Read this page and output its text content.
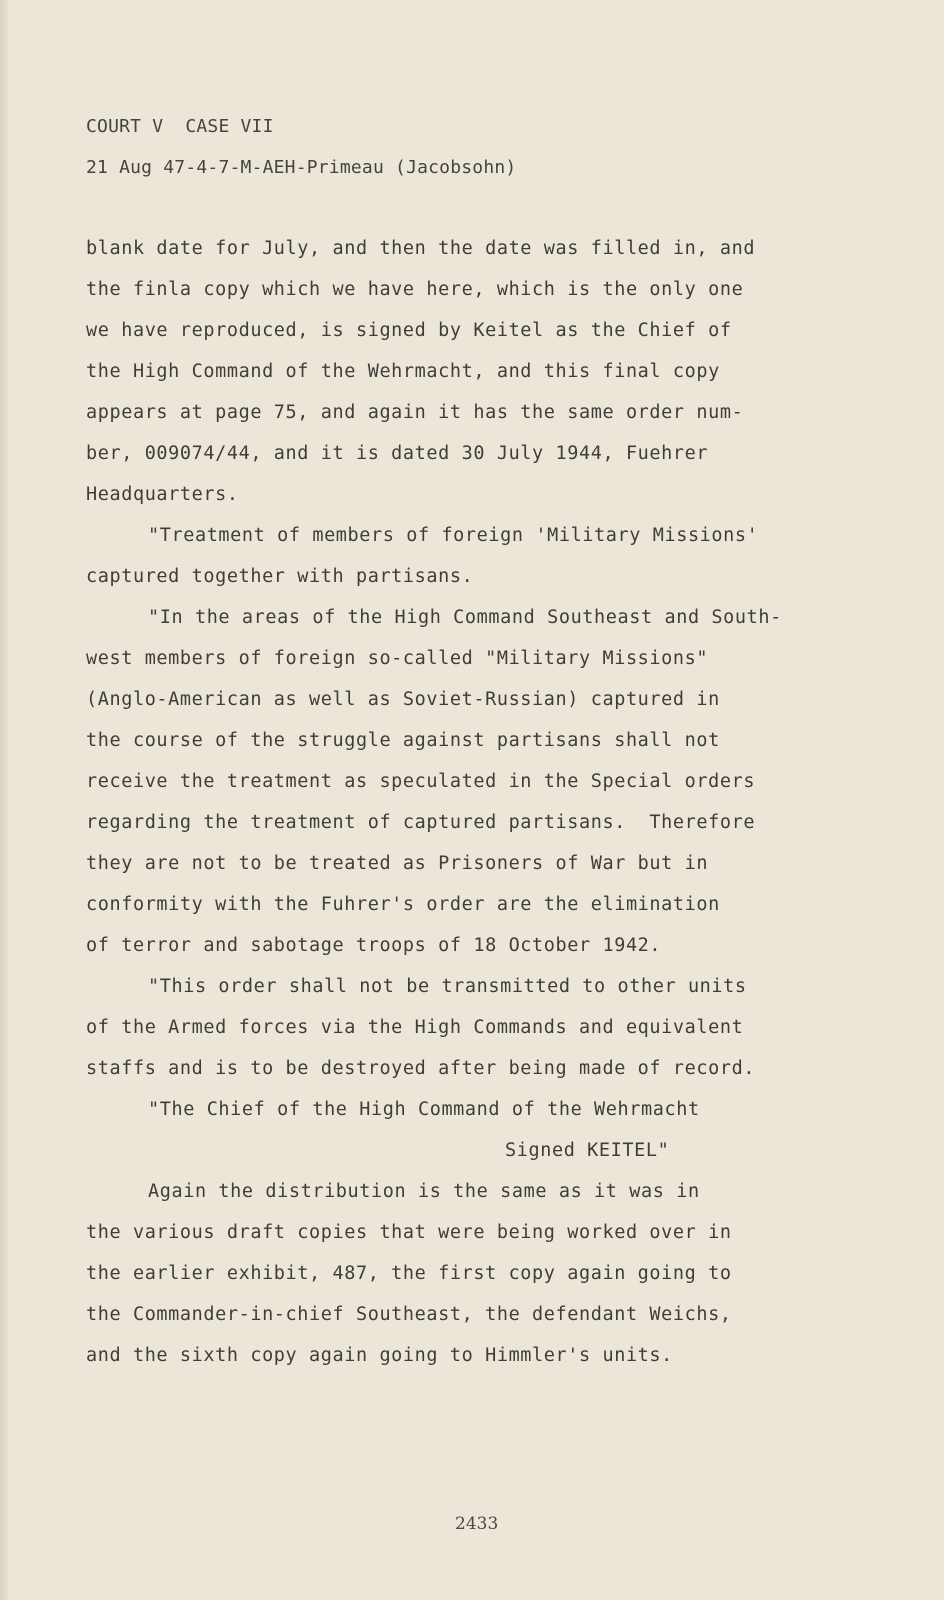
COURT V  CASE VII
21 Aug 47-4-7-M-AEH-Primeau (Jacobsohn)
blank date for July, and then the date was filled in, and
the finla copy which we have here, which is the only one
we have reproduced, is signed by Keitel as the Chief of
the High Command of the Wehrmacht, and this final copy
appears at page 75, and again it has the same order num-
ber, 009074/44, and it is dated 30 July 1944, Fuehrer
Headquarters.
"Treatment of members of foreign 'Military Missions'
captured together with partisans.
"In the areas of the High Command Southeast and South-
west members of foreign so-called "Military Missions"
(Anglo-American as well as Soviet-Russian) captured in
the course of the struggle against partisans shall not
receive the treatment as speculated in the Special orders
regarding the treatment of captured partisans.  Therefore
they are not to be treated as Prisoners of War but in
conformity with the Fuhrer's order are the elimination
of terror and sabotage troops of 18 October 1942.
"This order shall not be transmitted to other units
of the Armed forces via the High Commands and equivalent
staffs and is to be destroyed after being made of record.
"The Chief of the High Command of the Wehrmacht
Signed KEITEL"
Again the distribution is the same as it was in
the various draft copies that were being worked over in
the earlier exhibit, 487, the first copy again going to
the Commander-in-chief Southeast, the defendant Weichs,
and the sixth copy again going to Himmler's units.
2433
